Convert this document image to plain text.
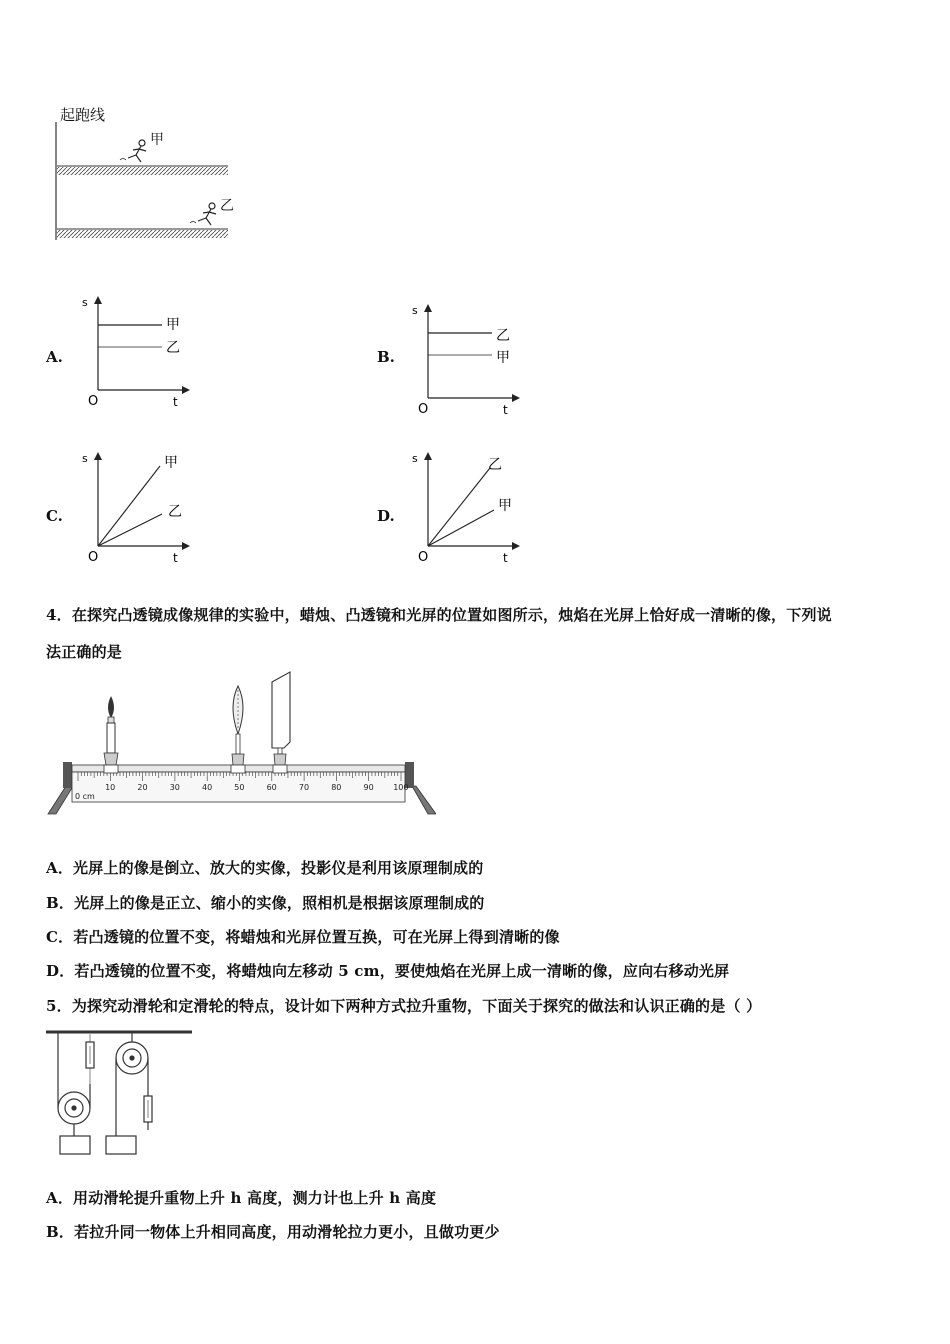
起跑线
甲
乙
A.
s
O	t
甲
乙	B.
s
O	t
乙
甲
C.
s
O	t
甲
乙	D.
s
O	t
乙
甲
4．在探究凸透镜成像规律的实验中，蜡烛、凸透镜和光屏的位置如图所示，烛焰在光屏上恰好成一清晰的像，下列说
法正确的是
10	20	30	40	50	60	70	80	90 100
0 cm
A．光屏上的像是倒立、放大的实像，投影仪是利用该原理制成的
B．光屏上的像是正立、缩小的实像，照相机是根据该原理制成的
C．若凸透镜的位置不变，将蜡烛和光屏位置互换，可在光屏上得到清晰的像
D．若凸透镜的位置不变，将蜡烛向左移动 5 cm，要使烛焰在光屏上成一清晰的像，应向右移动光屏
5．为探究动滑轮和定滑轮的特点，设计如下两种方式拉升重物，下面关于探究的做法和认识正确的是（ ）
A．用动滑轮提升重物上升 h 高度，测力计也上升 h 高度
B．若拉升同一物体上升相同高度，用动滑轮拉力更小，且做功更少
